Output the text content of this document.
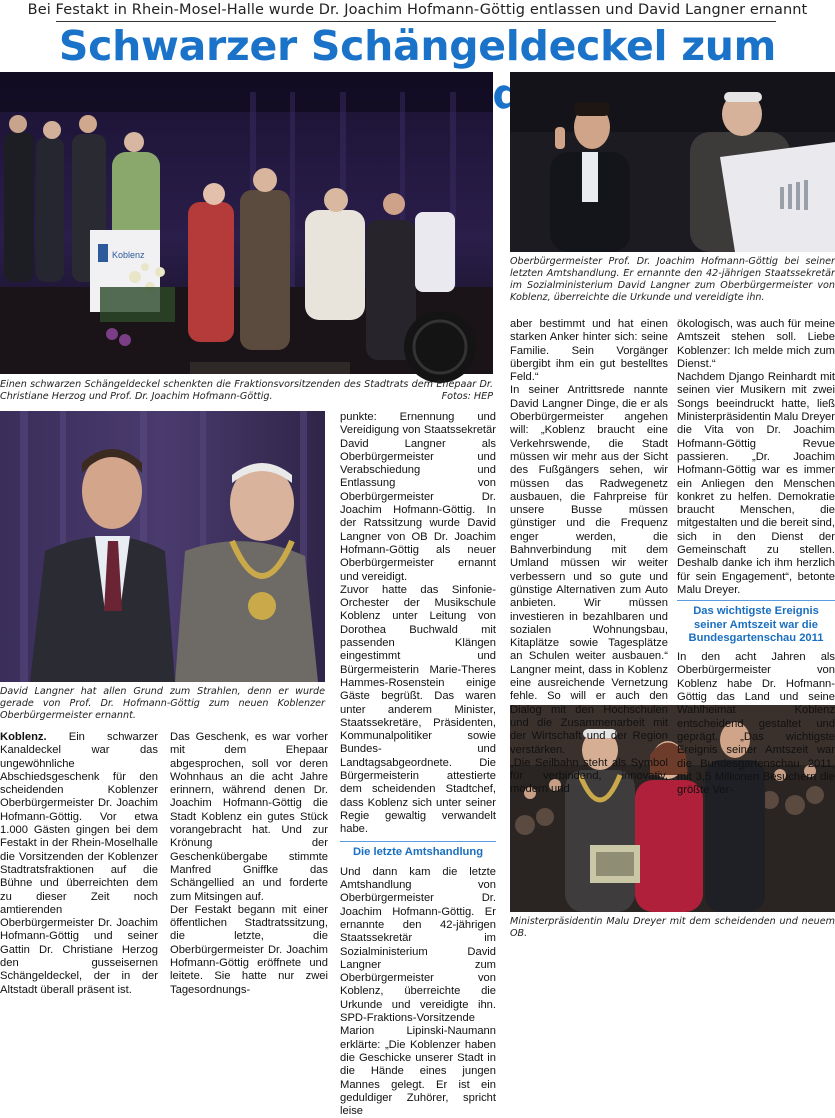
Bei Festakt in Rhein-Mosel-Halle wurde Dr. Joachim Hofmann-Göttig entlassen und David Langner ernannt
Schwarzer Schängeldeckel zum
Koblenz
Einen schwarzen Schängeldeckel schenkten die Fraktionsvorsitzenden des Stadtrats dem Ehepaar Dr. Christiane Herzog und Prof. Dr. Joachim Hofmann-Göttig.	Fotos: HEP
Oberbürgermeister Prof. Dr. Joachim Hofmann-Göttig bei seiner letzten Amtshandlung. Er ernannte den 42-jährigen Staatssekretär im Sozialministerium David Langner zum Oberbürgermeister von Koblenz, überreichte die Urkunde und vereidigte ihn.
David Langner hat allen Grund zum Strahlen, denn er wurde gerade von Prof. Dr. Hofmann-Göttig zum neuen Koblenzer Oberbürgermeister ernannt.
Ministerpräsidentin Malu Dreyer mit dem scheidenden und neuem OB.

Koblenz. Ein schwarzer Kanaldeckel war das ungewöhnliche Abschiedsgeschenk für den scheidenden Koblenzer Oberbürgermeister Dr. Joachim Hofmann-Göttig. Vor etwa 1.000 Gästen gingen bei dem Festakt in der Rhein-Moselhalle die Vorsitzenden der Koblenzer Stadtratsfraktionen auf die Bühne und überreichten dem zu dieser Zeit noch amtierenden Oberbürgermeister Dr. Joachim Hofmann-Göttig und seiner Gattin Dr. Christiane Herzog den gusseisernen Schängeldeckel, der in der Altstadt überall präsent ist.

Das Geschenk, es war vorher mit dem Ehepaar abgesprochen, soll vor deren Wohnhaus an die acht Jahre erinnern, während denen Dr. Joachim Hofmann-Göttig die Stadt Koblenz ein gutes Stück vorangebracht hat. Und zur Krönung der Geschenkübergabe stimmte Manfred Gniffke das Schängellied an und forderte zum Mitsingen auf.

Der Festakt begann mit einer öffentlichen Stadtratssitzung, die letzte, die Oberbürgermeister Dr. Joachim Hofmann-Göttig eröffnete und leitete. Sie hatte nur zwei Tagesordnungs-

punkte: Ernennung und Vereidigung von Staatssekretär David Langner als Oberbürgermeister und Verabschiedung und Entlassung von Oberbürgermeister Dr. Joachim Hofmann-Göttig. In der Ratssitzung wurde David Langner von OB Dr. Joachim Hofmann-Göttig als neuer Oberbürgermeister ernannt und vereidigt.

Zuvor hatte das Sinfonie-Orchester der Musikschule Koblenz unter Leitung von Dorothea Buchwald mit passenden Klängen eingestimmt und Bürgermeisterin Marie-Theres Hammes-Rosenstein einige Gäste begrüßt. Das waren unter anderem Minister, Staatssekretäre, Präsidenten, Kommunalpolitiker sowie Bundes- und Landtagsabgeordnete. Die Bürgermeisterin attestierte dem scheidenden Stadtchef, dass Koblenz sich unter seiner Regie gewaltig verwandelt habe.

Die letzte Amtshandlung

Und dann kam die letzte Amtshandlung von Oberbürgermeister Dr. Joachim Hofmann-Göttig. Er ernannte den 42-jährigen Staatssekretär im Sozialministerium David Langner zum Oberbürgermeister von Koblenz, überreichte die Urkunde und vereidigte ihn. SPD-Fraktions-Vorsitzende Marion Lipinski-Naumann erklärte: „Die Koblenzer haben die Geschicke unserer Stadt in die Hände eines jungen Mannes gelegt. Er ist ein geduldiger Zuhörer, spricht leise

aber bestimmt und hat einen starken Anker hinter sich: seine Familie. Sein Vorgänger übergibt ihm ein gut bestelltes Feld.“

In seiner Antrittsrede nannte David Langner Dinge, die er als Oberbürgermeister angehen will: „Koblenz braucht eine Verkehrswende, die Stadt müssen wir mehr aus der Sicht des Fußgängers sehen, wir müssen das Radwegenetz ausbauen, die Fahrpreise für unsere Busse müssen günstiger und die Frequenz enger werden, die Bahnverbindung mit dem Umland müssen wir weiter verbessern und so gute und günstige Alternativen zum Auto anbieten. Wir müssen investieren in bezahlbaren und sozialen Wohnungsbau, Kitaplätze sowie Tagesplätze an Schulen weiter ausbauen.“ Langner meint, dass in Koblenz eine ausreichende Vernetzung fehle. So will er auch den Dialog mit den Hochschulen und die Zusammenarbeit mit der Wirtschaft und der Region verstärken.

„Die Seilbahn steht als Symbol für verbindend, innovativ, modern und

ökologisch, was auch für meine Amtszeit stehen soll. Liebe Koblenzer: Ich melde mich zum Dienst.“

Nachdem Django Reinhardt mit seinen vier Musikern mit zwei Songs beeindruckt hatte, ließ Ministerpräsidentin Malu Dreyer die Vita von Dr. Joachim Hofmann-Göttig Revue passieren. „Dr. Joachim Hofmann-Göttig war es immer ein Anliegen den Menschen konkret zu helfen. Demokratie braucht Menschen, die mitgestalten und die bereit sind, sich in den Dienst der Gemeinschaft zu stellen. Deshalb danke ich ihm herzlich für sein Engagement“, betonte Malu Dreyer.

Das wichtigste Ereignis seiner Amtszeit war die Bundesgartenschau 2011

In den acht Jahren als Oberbürgermeister von Koblenz habe Dr. Hofmann-Göttig das Land und seine Wahlheimat Koblenz entscheidend gestaltet und geprägt. „Das wichtigste Ereignis seiner Amtszeit war die Bundesgartenschau 2011, mit 3,5 Millionen Besuchern die größte Ver-
